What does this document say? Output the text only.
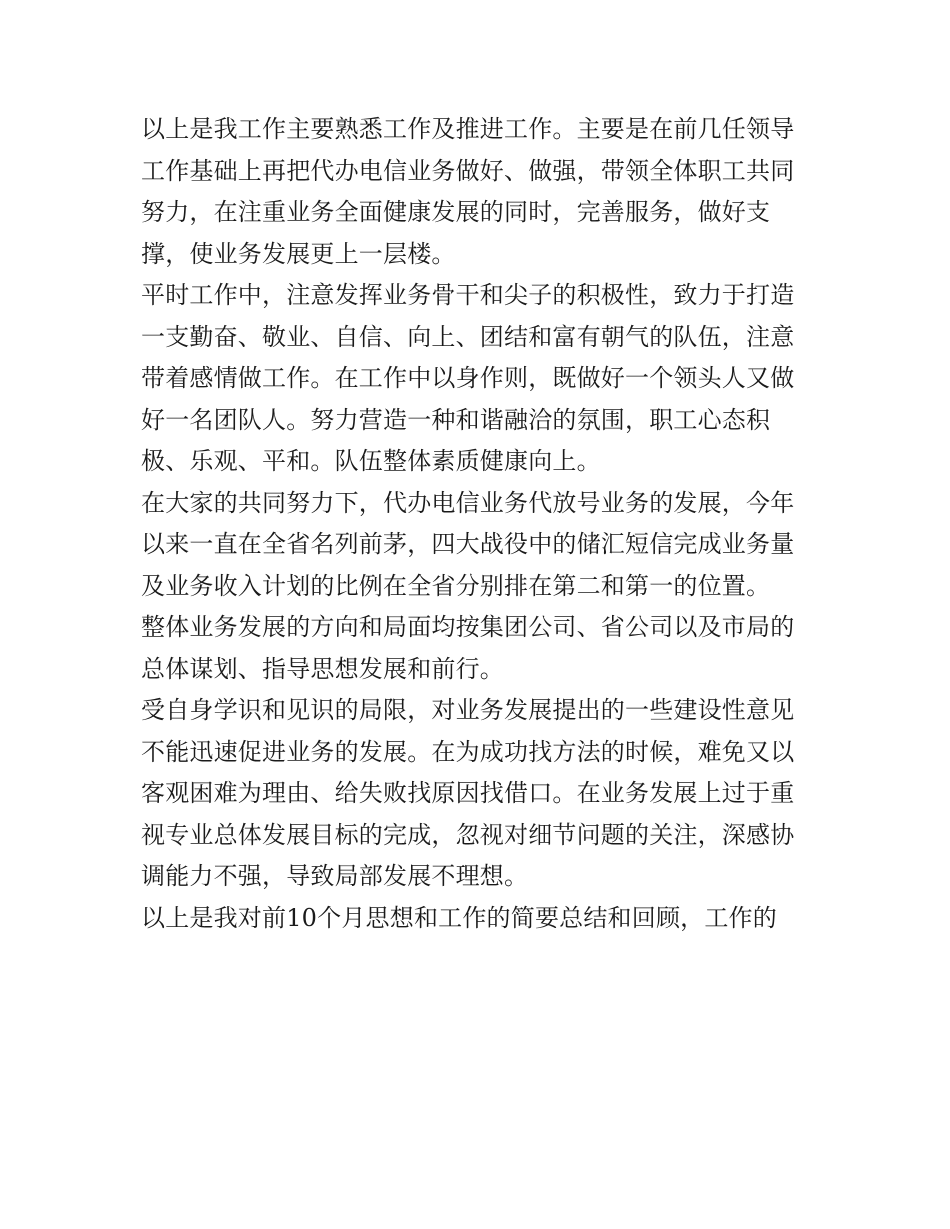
以上是我工作主要熟悉工作及推进工作。主要是在前几任领导
工作基础上再把代办电信业务做好、做强，带领全体职工共同
努力，在注重业务全面健康发展的同时，完善服务，做好支
撑，使业务发展更上一层楼。
平时工作中，注意发挥业务骨干和尖子的积极性，致力于打造
一支勤奋、敬业、自信、向上、团结和富有朝气的队伍，注意
带着感情做工作。在工作中以身作则，既做好一个领头人又做
好一名团队人。努力营造一种和谐融洽的氛围，职工心态积
极、乐观、平和。队伍整体素质健康向上。
在大家的共同努力下，代办电信业务代放号业务的发展，今年
以来一直在全省名列前茅，四大战役中的储汇短信完成业务量
及业务收入计划的比例在全省分别排在第二和第一的位置。
整体业务发展的方向和局面均按集团公司、省公司以及市局的
总体谋划、指导思想发展和前行。
受自身学识和见识的局限，对业务发展提出的一些建设性意见
不能迅速促进业务的发展。在为成功找方法的时候，难免又以
客观困难为理由、给失败找原因找借口。在业务发展上过于重
视专业总体发展目标的完成，忽视对细节问题的关注，深感协
调能力不强，导致局部发展不理想。
以上是我对前10个月思想和工作的简要总结和回顾，工作的
